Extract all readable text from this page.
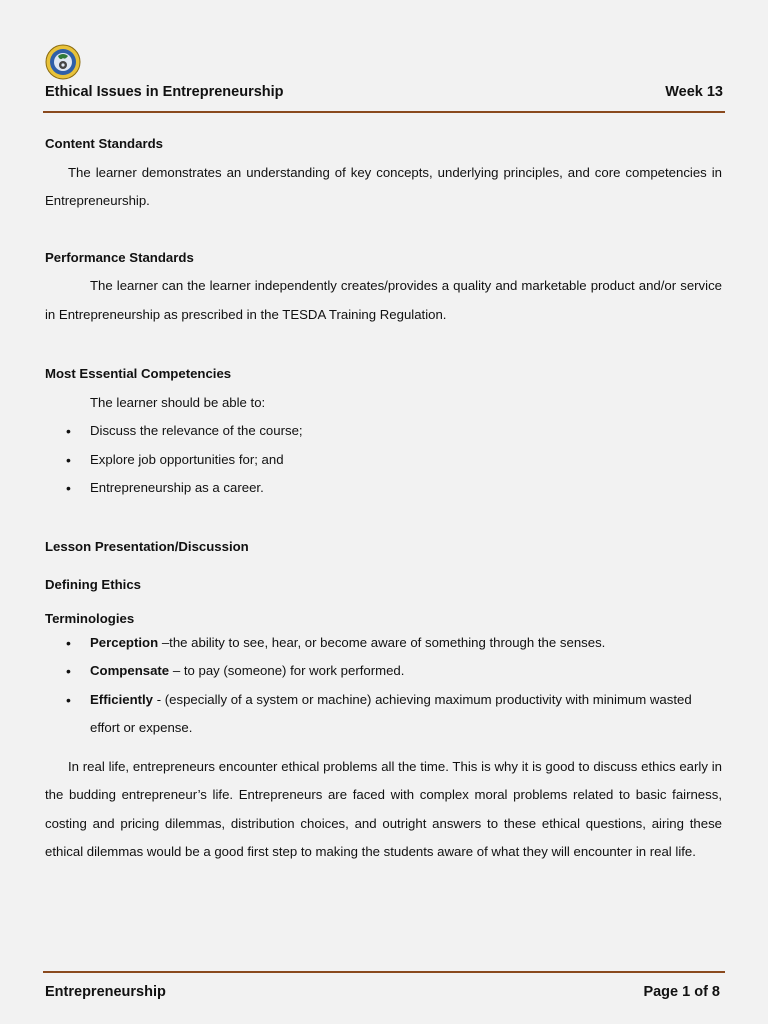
Ethical Issues in Entrepreneurship	Week 13

Content Standards

The learner demonstrates an understanding of key concepts, underlying principles, and core competencies in Entrepreneurship.

Performance Standards

The learner can the learner independently creates/provides a quality and marketable product and/or service in Entrepreneurship as prescribed in the TESDA Training Regulation.

Most Essential Competencies

The learner should be able to:

• Discuss the relevance of the course;
• Explore job opportunities for; and
• Entrepreneurship as a career.

Lesson Presentation/Discussion

Defining Ethics

Terminologies

• Perception –the ability to see, hear, or become aware of something through the senses.
• Compensate – to pay (someone) for work performed.
• Efficiently - (especially of a system or machine) achieving maximum productivity with minimum wasted effort or expense.

In real life, entrepreneurs encounter ethical problems all the time. This is why it is good to discuss ethics early in the budding entrepreneur’s life. Entrepreneurs are faced with complex moral problems related to basic fairness, costing and pricing dilemmas, distribution choices, and outright answers to these ethical questions, airing these ethical dilemmas would be a good first step to making the students aware of what they will encounter in real life.

Entrepreneurship	Page 1 of 8
